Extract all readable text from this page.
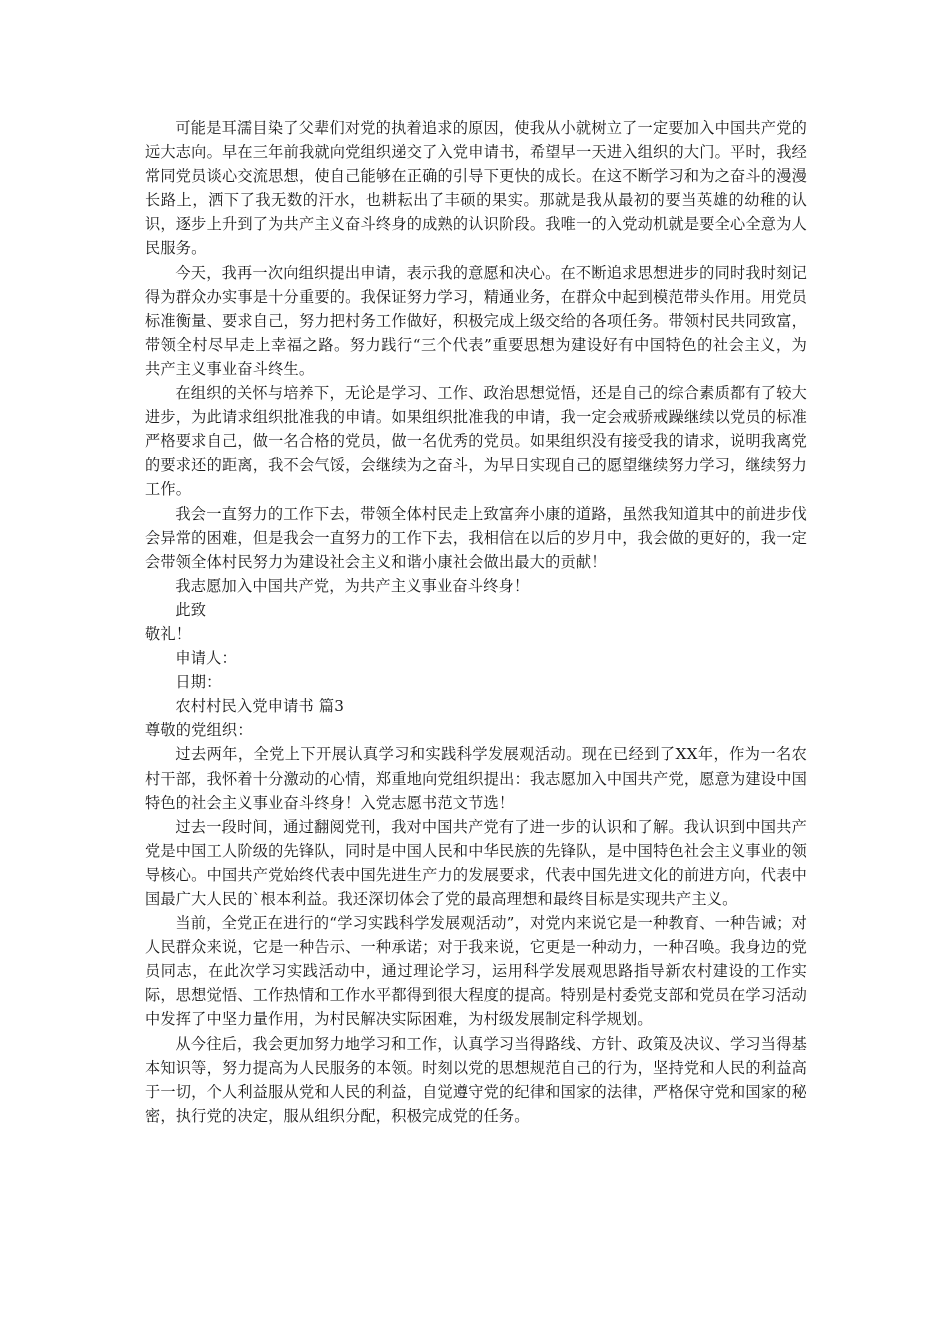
可能是耳濡目染了父辈们对党的执着追求的原因，使我从小就树立了一定要加入中国共产党的远大志向。早在三年前我就向党组织递交了入党申请书，希望早一天进入组织的大门。平时，我经常同党员谈心交流思想，使自己能够在正确的引导下更快的成长。在这不断学习和为之奋斗的漫漫长路上，洒下了我无数的汗水，也耕耘出了丰硕的果实。那就是我从最初的要当英雄的幼稚的认识，逐步上升到了为共产主义奋斗终身的成熟的认识阶段。我唯一的入党动机就是要全心全意为人民服务。

今天，我再一次向组织提出申请，表示我的意愿和决心。在不断追求思想进步的同时我时刻记得为群众办实事是十分重要的。我保证努力学习，精通业务，在群众中起到模范带头作用。用党员标准衡量、要求自己，努力把村务工作做好，积极完成上级交给的各项任务。带领村民共同致富，带领全村尽早走上幸福之路。努力践行“三个代表”重要思想为建设好有中国特色的社会主义，为共产主义事业奋斗终生。

在组织的关怀与培养下，无论是学习、工作、政治思想觉悟，还是自己的综合素质都有了较大进步，为此请求组织批准我的申请。如果组织批准我的申请，我一定会戒骄戒躁继续以党员的标准严格要求自己，做一名合格的党员，做一名优秀的党员。如果组织没有接受我的请求，说明我离党的要求还的距离，我不会气馁，会继续为之奋斗，为早日实现自己的愿望继续努力学习，继续努力工作。

我会一直努力的工作下去，带领全体村民走上致富奔小康的道路，虽然我知道其中的前进步伐会异常的困难，但是我会一直努力的工作下去，我相信在以后的岁月中，我会做的更好的，我一定会带领全体村民努力为建设社会主义和谐小康社会做出最大的贡献！

我志愿加入中国共产党，为共产主义事业奋斗终身！

此致

敬礼！

申请人：

日期：

农村村民入党申请书 篇3

尊敬的党组织：

过去两年，全党上下开展认真学习和实践科学发展观活动。现在已经到了XX年，作为一名农村干部，我怀着十分激动的心情，郑重地向党组织提出：我志愿加入中国共产党，愿意为建设中国特色的社会主义事业奋斗终身！入党志愿书范文节选！

过去一段时间，通过翻阅党刊，我对中国共产党有了进一步的认识和了解。我认识到中国共产党是中国工人阶级的先锋队，同时是中国人民和中华民族的先锋队，是中国特色社会主义事业的领导核心。中国共产党始终代表中国先进生产力的发展要求，代表中国先进文化的前进方向，代表中国最广大人民的`根本利益。我还深切体会了党的最高理想和最终目标是实现共产主义。

当前，全党正在进行的“学习实践科学发展观活动”，对党内来说它是一种教育、一种告诫；对人民群众来说，它是一种告示、一种承诺；对于我来说，它更是一种动力，一种召唤。我身边的党员同志，在此次学习实践活动中，通过理论学习，运用科学发展观思路指导新农村建设的工作实际，思想觉悟、工作热情和工作水平都得到很大程度的提高。特别是村委党支部和党员在学习活动中发挥了中坚力量作用，为村民解决实际困难，为村级发展制定科学规划。

从今往后，我会更加努力地学习和工作，认真学习当得路线、方针、政策及决议、学习当得基本知识等，努力提高为人民服务的本领。时刻以党的思想规范自己的行为，坚持党和人民的利益高于一切，个人利益服从党和人民的利益，自觉遵守党的纪律和国家的法律，严格保守党和国家的秘密，执行党的决定，服从组织分配，积极完成党的任务。
